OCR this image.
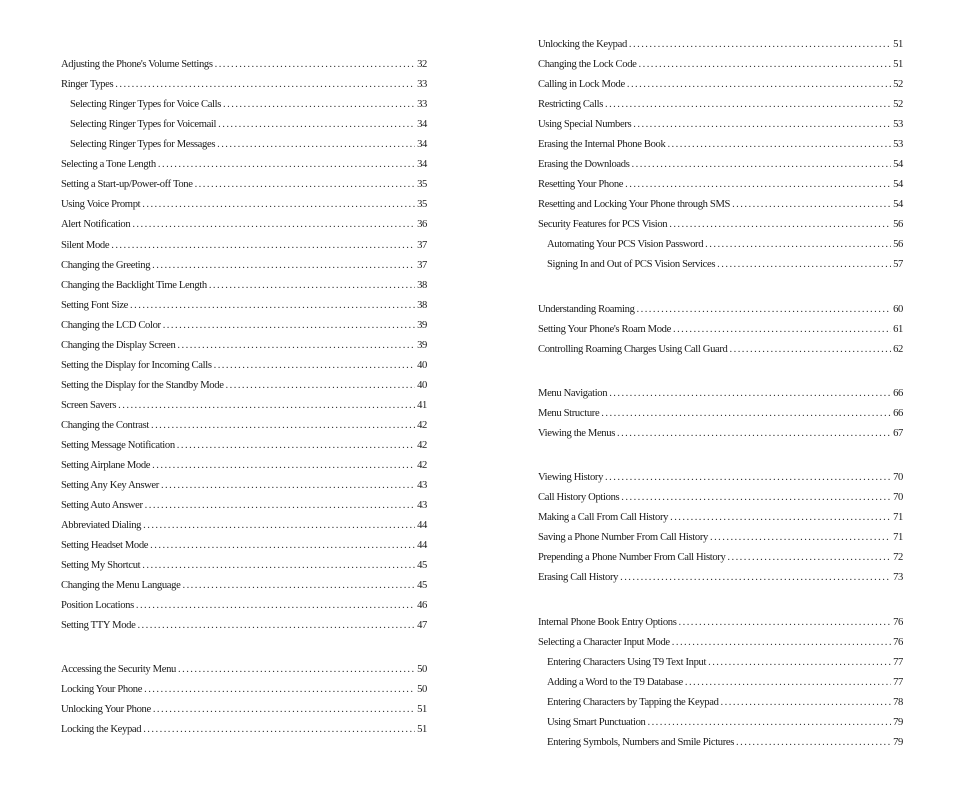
Adjusting the Phone's Volume Settings . . .	32
Ringer Types . . .	33
Selecting Ringer Types for Voice Calls . . .	33
Selecting Ringer Types for Voicemail . . .	34
Selecting Ringer Types for Messages . . .	34
Selecting a Tone Length . . .	34
Setting a Start-up/Power-off Tone . . .	35
Using Voice Prompt . . .	35
Alert Notification . . .	36
Silent Mode . . .	37
Changing the Greeting . . .	37
Changing the Backlight Time Length . . .	38
Setting Font Size . . .	38
Changing the LCD Color . . .	39
Changing the Display Screen . . .	39
Setting the Display for Incoming Calls . . .	40
Setting the Display for the Standby Mode . . .	40
Screen Savers . . .	41
Changing the Contrast . . .	42
Setting Message Notification . . .	42
Setting Airplane Mode . . .	42
Setting Any Key Answer . . .	43
Setting Auto Answer . . .	43
Abbreviated Dialing . . .	44
Setting Headset Mode . . .	44
Setting My Shortcut . . .	45
Changing the Menu Language . . .	45
Position Locations . . .	46
Setting TTY Mode . . .	47
Accessing the Security Menu . . .	50
Locking Your Phone . . .	50
Unlocking Your Phone . . .	51
Locking the Keypad . . .	51
Unlocking the Keypad . . .	51
Changing the Lock Code . . .	51
Calling in Lock Mode . . .	52
Restricting Calls . . .	52
Using Special Numbers . . .	53
Erasing the Internal Phone Book . . .	53
Erasing the Downloads . . .	54
Resetting Your Phone . . .	54
Resetting and Locking Your Phone through SMS . . .	54
Security Features for PCS Vision . . .	56
Automating Your PCS Vision Password . . .	56
Signing In and Out of PCS Vision Services . . .	57
Understanding Roaming . . .	60
Setting Your Phone's Roam Mode . . .	61
Controlling Roaming Charges Using Call Guard . . .	62
Menu Navigation . . .	66
Menu Structure . . .	66
Viewing the Menus . . .	67
Viewing History . . .	70
Call History Options . . .	70
Making a Call From Call History . . .	71
Saving a Phone Number From Call History . . .	71
Prepending a Phone Number From Call History . . .	72
Erasing Call History . . .	73
Internal Phone Book Entry Options . . .	76
Selecting a Character Input Mode . . .	76
Entering Characters Using T9 Text Input . . .	77
Adding a Word to the T9 Database . . .	77
Entering Characters by Tapping the Keypad . . .	78
Using Smart Punctuation . . .	79
Entering Symbols, Numbers and Smile Pictures . . .	79
